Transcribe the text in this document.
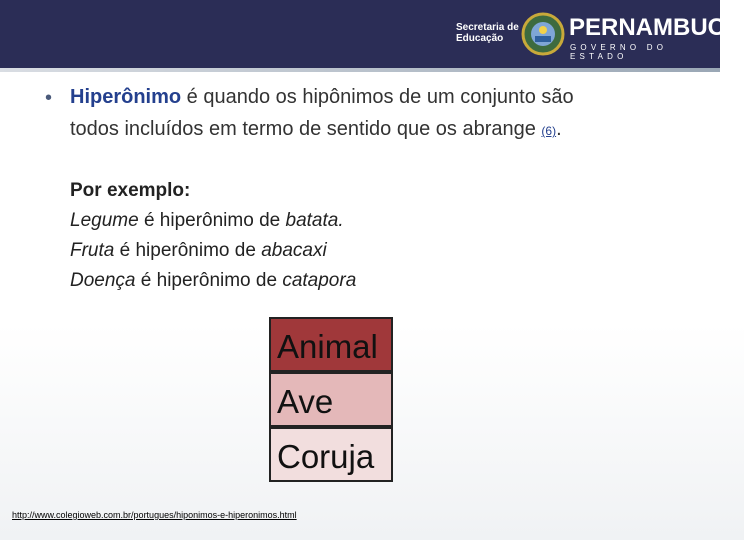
Secretaria de
Educação	PERNAMBUCO
GOVERNO DO ESTADO
• Hiperônimo é quando os hipônimos de um conjunto são
todos incluídos em termo de sentido que os abrange (6).
Por exemplo:
Legume é hiperônimo de batata.
Fruta é hiperônimo de abacaxi
Doença é hiperônimo de catapora
Animal
Ave
Coruja
http://www.colegioweb.com.br/portugues/hiponimos-e-hiperonimos.html
